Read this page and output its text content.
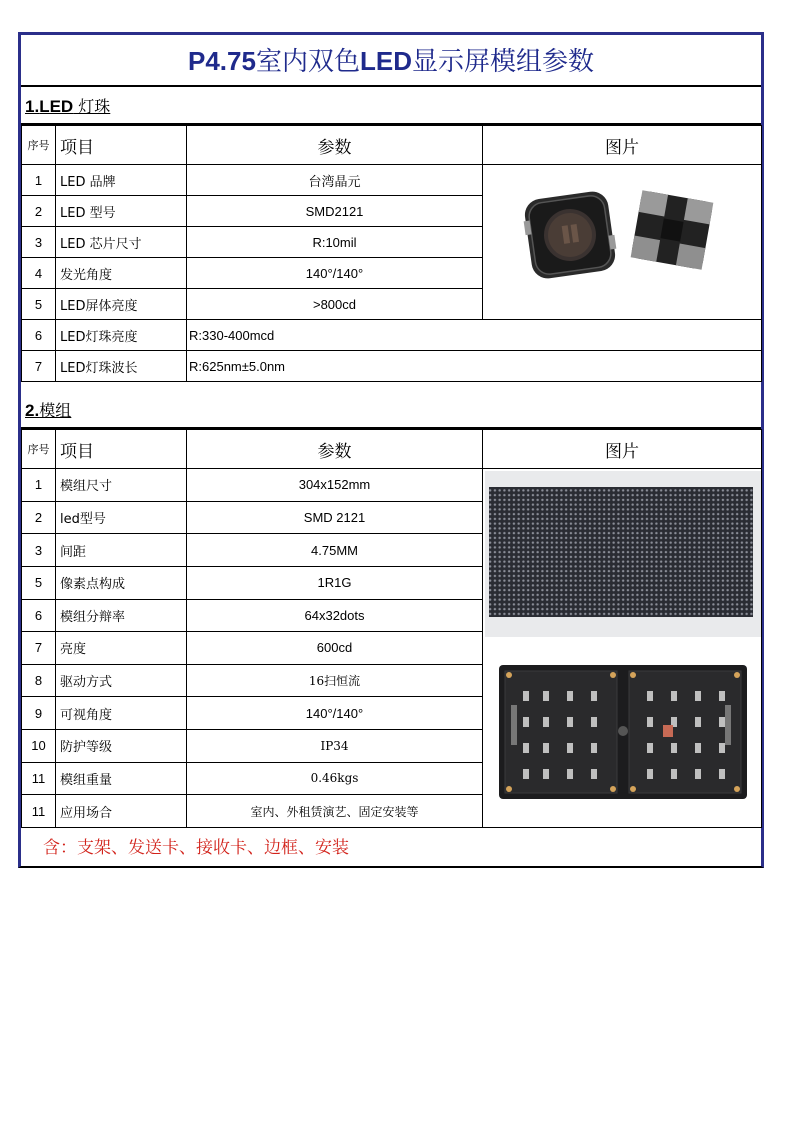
P4.75室内双色LED显示屏模组参数
1.LED 灯珠
序号	项目	参数	图片
1	LED 品牌	台湾晶元	
2	LED 型号	SMD2121	
3	LED 芯片尺寸	R:10mil	
4	发光角度	140°/140°	
5	LED屏体亮度	>800cd	
6	LED灯珠亮度	R:330-400mcd	
7	LED灯珠波长	R:625nm±5.0nm	
2.模组
序号	项目	参数	图片
1	模组尺寸	304x152mm	
2	led型号	SMD 2121	
3	间距	4.75MM	
5	像素点构成	1R1G	
6	模组分辩率	64x32dots	
7	亮度	600cd	
8	驱动方式	16扫恒流	
9	可视角度	140°/140°	
10	防护等级	IP34	
11	模组重量	0.46kgs	
11	应用场合	室内、外租赁演艺、固定安装等	
含：支架、发送卡、接收卡、边框、安装
